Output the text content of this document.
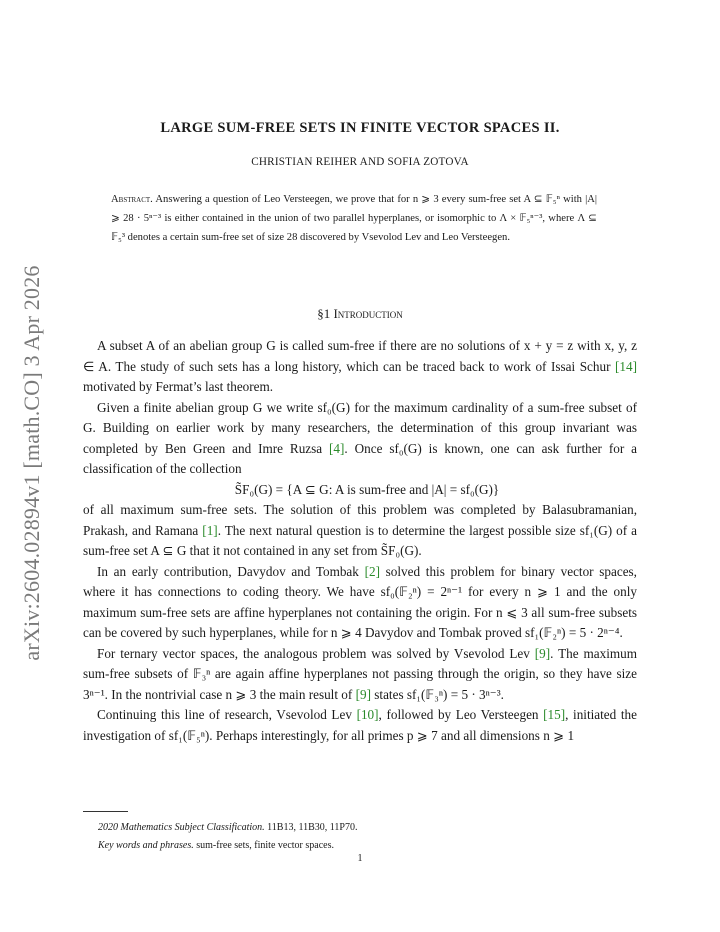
arXiv:2604.02894v1 [math.CO] 3 Apr 2026
LARGE SUM-FREE SETS IN FINITE VECTOR SPACES II.
CHRISTIAN REIHER AND SOFIA ZOTOVA
Abstract. Answering a question of Leo Versteegen, we prove that for n ⩾ 3 every sum-free set A ⊆ 𝔽₅ⁿ with |A| ⩾ 28 · 5ⁿ⁻³ is either contained in the union of two parallel hyperplanes, or isomorphic to Λ × 𝔽₅ⁿ⁻³, where Λ ⊆ 𝔽₅³ denotes a certain sum-free set of size 28 discovered by Vsevolod Lev and Leo Versteegen.
§1 Introduction

A subset A of an abelian group G is called sum-free if there are no solutions of x + y = z with x, y, z ∈ A. The study of such sets has a long history, which can be traced back to work of Issai Schur [14] motivated by Fermat’s last theorem.

Given a finite abelian group G we write sf₀(G) for the maximum cardinality of a sum-free subset of G. Building on earlier work by many researchers, the determination of this group invariant was completed by Ben Green and Imre Ruzsa [4]. Once sf₀(G) is known, one can ask further for a classification of the collection

S̃F₀(G) = {A ⊆ G: A is sum-free and |A| = sf₀(G)}

of all maximum sum-free sets. The solution of this problem was completed by Balasubramanian, Prakash, and Ramana [1]. The next natural question is to determine the largest possible size sf₁(G) of a sum-free set A ⊆ G that it not contained in any set from S̃F₀(G).

In an early contribution, Davydov and Tombak [2] solved this problem for binary vector spaces, where it has connections to coding theory. We have sf₀(𝔽₂ⁿ) = 2ⁿ⁻¹ for every n ⩾ 1 and the only maximum sum-free sets are affine hyperplanes not containing the origin. For n ⩽ 3 all sum-free subsets can be covered by such hyperplanes, while for n ⩾ 4 Davydov and Tombak proved sf₁(𝔽₂ⁿ) = 5 · 2ⁿ⁻⁴.

For ternary vector spaces, the analogous problem was solved by Vsevolod Lev [9]. The maximum sum-free subsets of 𝔽₃ⁿ are again affine hyperplanes not passing through the origin, so they have size 3ⁿ⁻¹. In the nontrivial case n ⩾ 3 the main result of [9] states sf₁(𝔽₃ⁿ) = 5 · 3ⁿ⁻³.

Continuing this line of research, Vsevolod Lev [10], followed by Leo Versteegen [15], initiated the investigation of sf₁(𝔽₅ⁿ). Perhaps interestingly, for all primes p ⩾ 7 and all dimensions n ⩾ 1

2020 Mathematics Subject Classification. 11B13, 11B30, 11P70.
Key words and phrases. sum-free sets, finite vector spaces.
1
